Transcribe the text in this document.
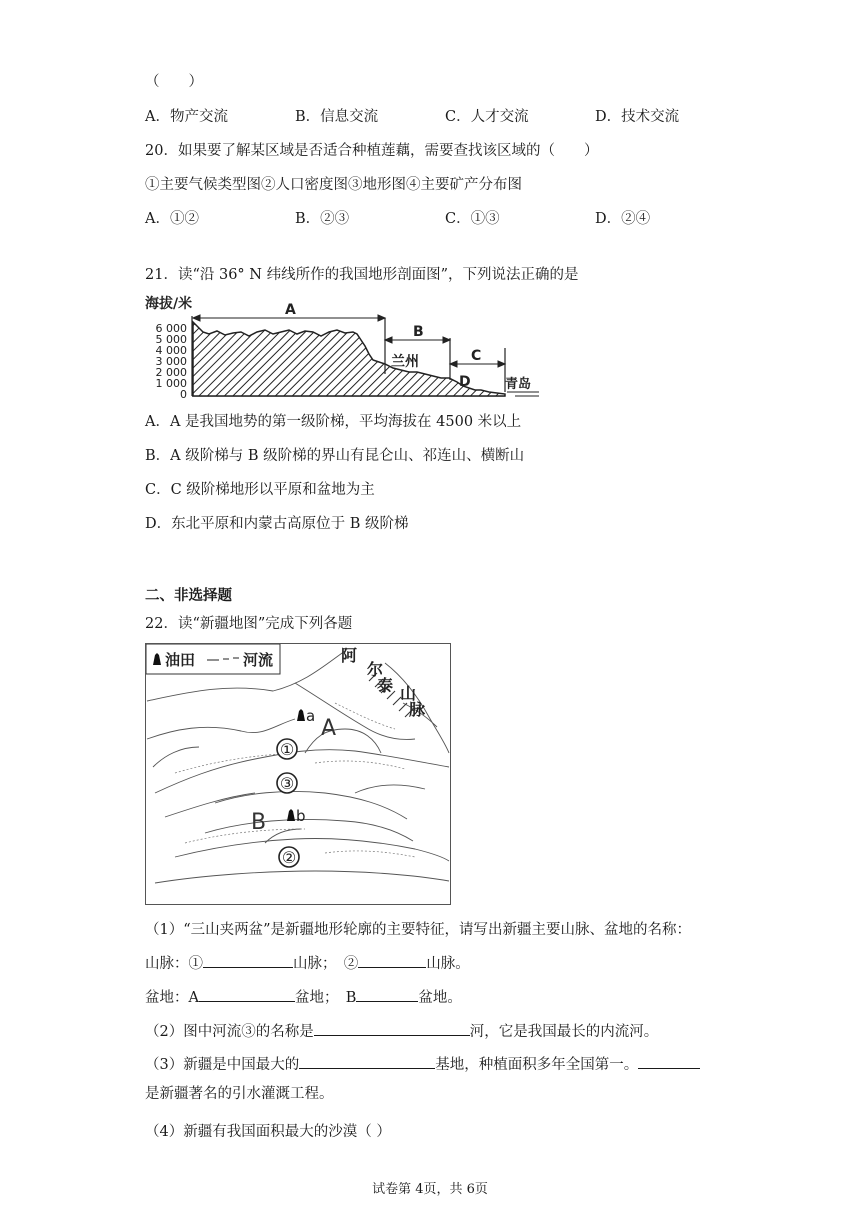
（　　）
A．物产交流	B．信息交流	C．人才交流	D．技术交流
20．如果要了解某区域是否适合种植莲藕，需要查找该区域的（　　）
①主要气候类型图②人口密度图③地形图④主要矿产分布图
A．①②	B．②③	C．①③	D．②④
21．读“沿 36° N 纬线所作的我国地形剖面图”，下列说法正确的是
海拔/米
6 000
5 000
4 000
3 000
2 000
1 000
0
A
B
C
D
兰州
青岛
A．A 是我国地势的第一级阶梯，平均海拔在 4500 米以上
B．A 级阶梯与 B 级阶梯的界山有昆仑山、祁连山、横断山
C．C 级阶梯地形以平原和盆地为主
D．东北平原和内蒙古高原位于 B 级阶梯
二、非选择题
22．读“新疆地图”完成下列各题
油田	河流	阿
尔
泰 山
脉
a A
b
B
①
③
②
（1）“三山夹两盆”是新疆地形轮廓的主要特征，请写出新疆主要山脉、盆地的名称：
山脉：①	山脉；　②	山脉。
盆地：A	盆地；　B	盆地。
（2）图中河流③的名称是	河，它是我国最长的内流河。
（3）新疆是中国最大的	基地，种植面积多年全国第一。
是新疆著名的引水灌溉工程。
（4）新疆有我国面积最大的沙漠（ ）
试卷第 4页，共 6页
